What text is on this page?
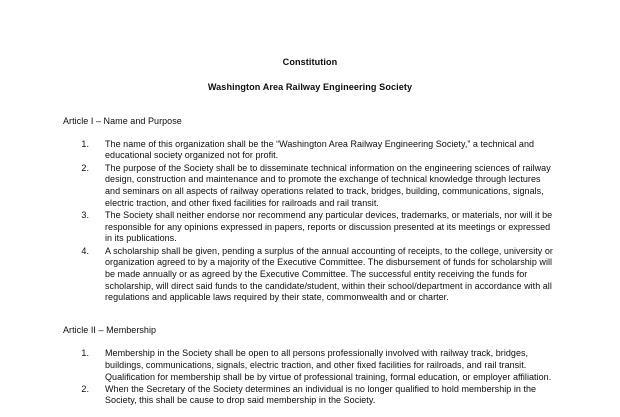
Constitution
Washington Area Railway Engineering Society
Article I – Name and Purpose
1. The name of this organization shall be the “Washington Area Railway Engineering Society,” a technical and educational society organized not for profit.
2. The purpose of the Society shall be to disseminate technical information on the engineering sciences of railway design, construction and maintenance and to promote the exchange of technical knowledge through lectures and seminars on all aspects of railway operations related to track, bridges, building, communications, signals, electric traction, and other fixed facilities for railroads and rail transit.
3. The Society shall neither endorse nor recommend any particular devices, trademarks, or materials, nor will it be responsible for any opinions expressed in papers, reports or discussion presented at its meetings or expressed in its publications.
4. A scholarship shall be given, pending a surplus of the annual accounting of receipts, to the college, university or organization agreed to by a majority of the Executive Committee. The disbursement of funds for scholarship will be made annually or as agreed by the Executive Committee. The successful entity receiving the funds for scholarship, will direct said funds to the candidate/student, within their school/department in accordance with all regulations and applicable laws required by their state, commonwealth and or charter.
Article II – Membership
1. Membership in the Society shall be open to all persons professionally involved with railway track, bridges, buildings, communications, signals, electric traction, and other fixed facilities for railroads, and rail transit. Qualification for membership shall be by virtue of professional training, formal education, or employer affiliation.
2. When the Secretary of the Society determines an individual is no longer qualified to hold membership in the Society, this shall be cause to drop said membership in the Society.
